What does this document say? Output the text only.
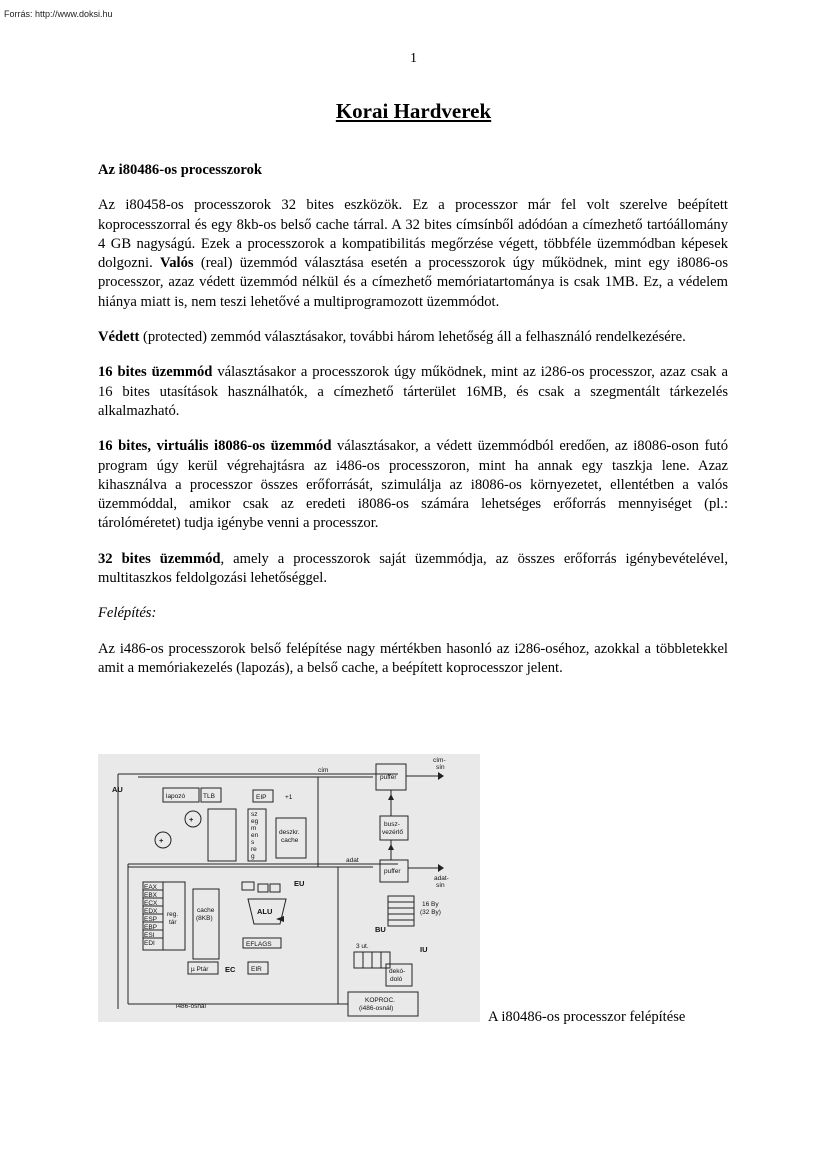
Forrás: http://www.doksi.hu
1
Korai Hardverek
Az i80486-os processzorok

Az i80458-os processzorok 32 bites eszközök. Ez a processzor már fel volt szerelve beépített koprocesszorral és egy 8kb-os belső cache tárral. A 32 bites címsínből adódóan a címezhető tartóállomány 4 GB nagyságú. Ezek a processzorok a kompatibilitás megőrzése végett, többféle üzemmódban képesek dolgozni. Valós (real) üzemmód választása esetén a processzorok úgy működnek, mint egy i8086-os processzor, azaz védett üzemmód nélkül és a címezhető memóriatartománya is csak 1MB. Ez, a védelem hiánya miatt is, nem teszi lehetővé a multiprogramozott üzemmódot.

Védett (protected) zemmód választásakor, további három lehetőség áll a felhasználó rendelkezésére.

16 bites üzemmód választásakor a processzorok úgy működnek, mint az i286-os processzor, azaz csak a 16 bites utasítások használhatók, a címezhető tárterület 16MB, és csak a szegmentált tárkezelés alkalmazható.

16 bites, virtuális i8086-os üzemmód választásakor, a védett üzemmódból eredően, az i8086-oson futó program úgy kerül végrehajtásra az i486-os processzoron, mint ha annak egy taszkja lene. Azaz kihasználva a processzor összes erőforrását, szimulálja az i8086-os környezetet, ellentétben a valós üzemmóddal, amikor csak az eredeti i8086-os számára lehetséges erőforrás mennyiséget (pl.: tárolóméretet) tudja igénybe venni a processzor.

32 bites üzemmód, amely a processzorok saját üzemmódja, az összes erőforrás igénybevételével, multitaszkos feldolgozási lehetőséggel.

Felépítés:

Az i486-os processzorok belső felépítése nagy mértékben hasonló az i286-oséhoz, azokkal a többletekkel amit a memóriakezelés (lapozás), a belső cache, a beépített koprocesszor jelent.

AU
lapozó	TLB	EIP	+1
cím
cím-
sín
puffer
busz-
vezérlő
sz
eg
m
en
s
re
g
deszkr.
cache
adat
puffer
adat-
sín
EU
ALU
EFLAGS
cache
(8KB)
EAX
EBX
ECX
EDX
ESP
EBP
ESI
EDI
reg.
tár
BU
16 By
(32 By)
3 ut.	IU
dekó-
doló
µ Ptár EC EIR
KOPROC.
(i486-osnál)
i486-osnál
+
+
A i80486-os processzor felépítése
